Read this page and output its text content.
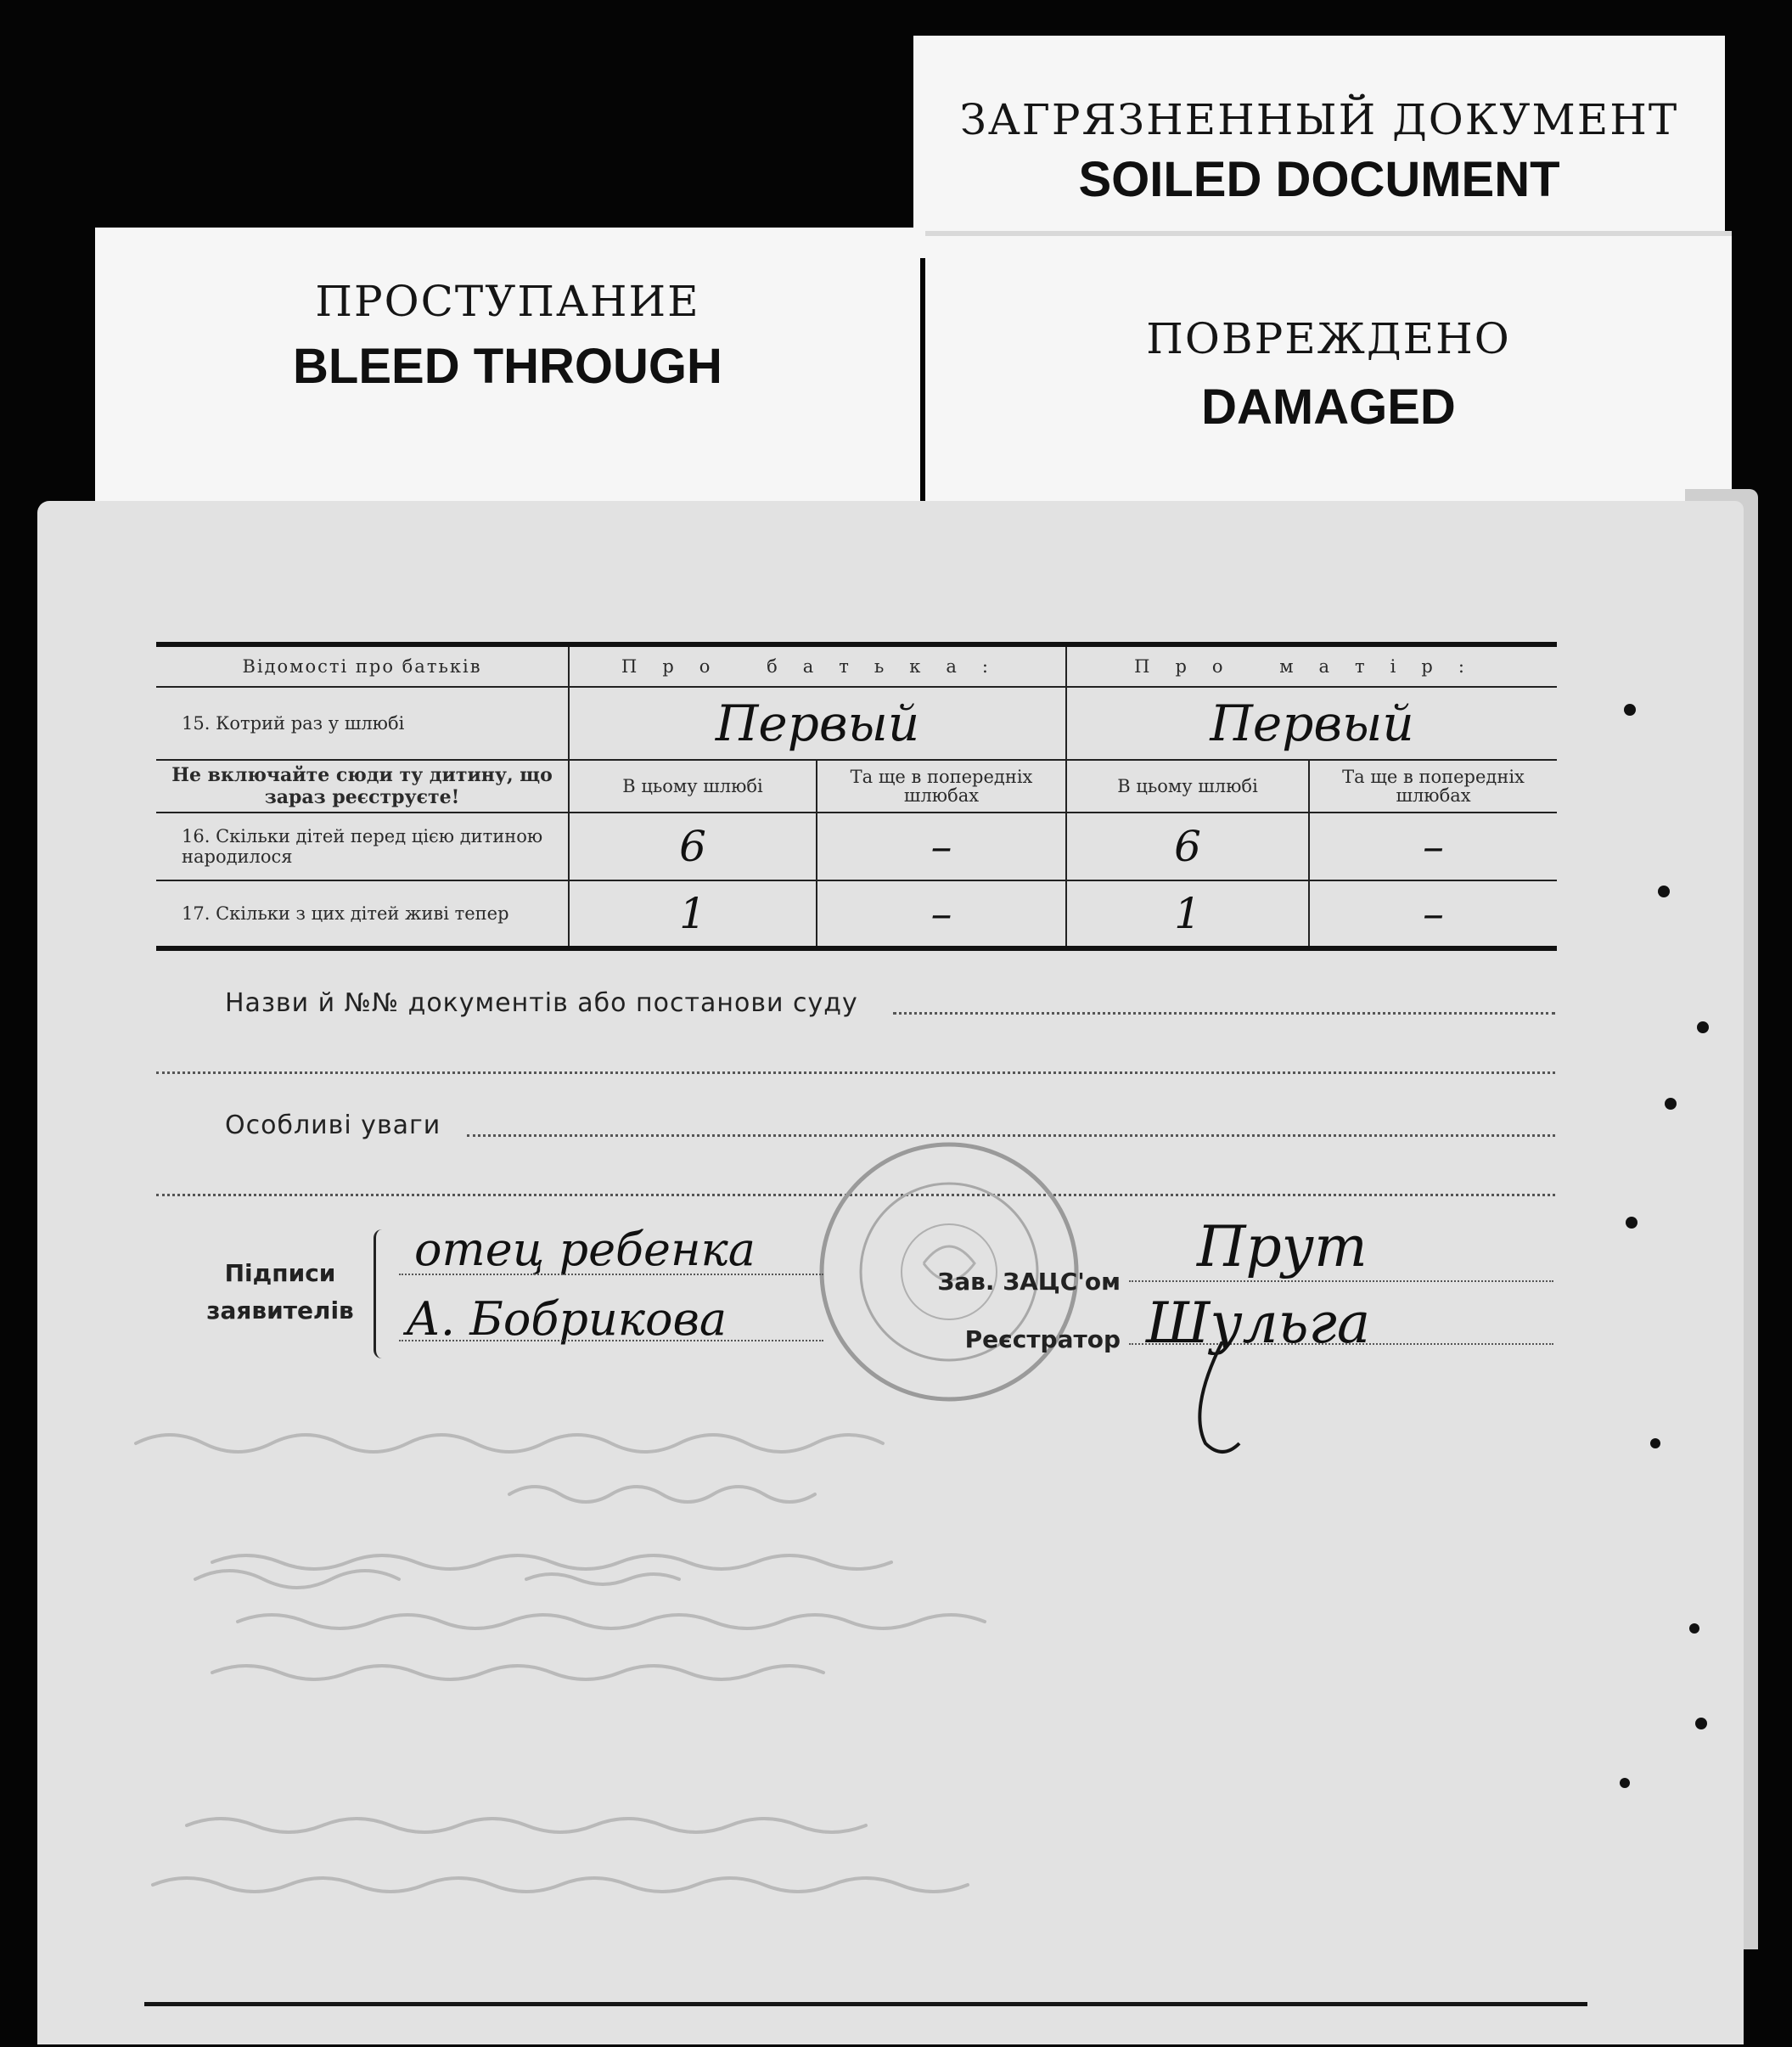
ЗАГРЯЗНЕННЫЙ ДОКУМЕНТ
SOILED DOCUMENT
ПРОСТУПАНИЕ
BLEED THROUGH	ПОВРЕЖДЕНО
DAMAGED
Відомості про батьків	Про батька:		Про матір:	
15. Котрий раз у шлюбі	Первый		Первый	
Не включайте сюди ту дитину, що зараз реєструєте!	В цьому шлюбі	Та ще в попередніх шлюбах	В цьому шлюбі	Та ще в попередніх шлюбах
16. Скільки дітей перед цією дитиною народилося	6	–	6	–
17. Скільки з цих дітей живі тепер	1	–	1	–
Назви й №№ документів або постанови суду
Особливі уваги
Підписи заявителів
отец ребенка
А. Бобрикова
Зав. ЗАЦС'ом
Реєстратор
Прут
Шульга
